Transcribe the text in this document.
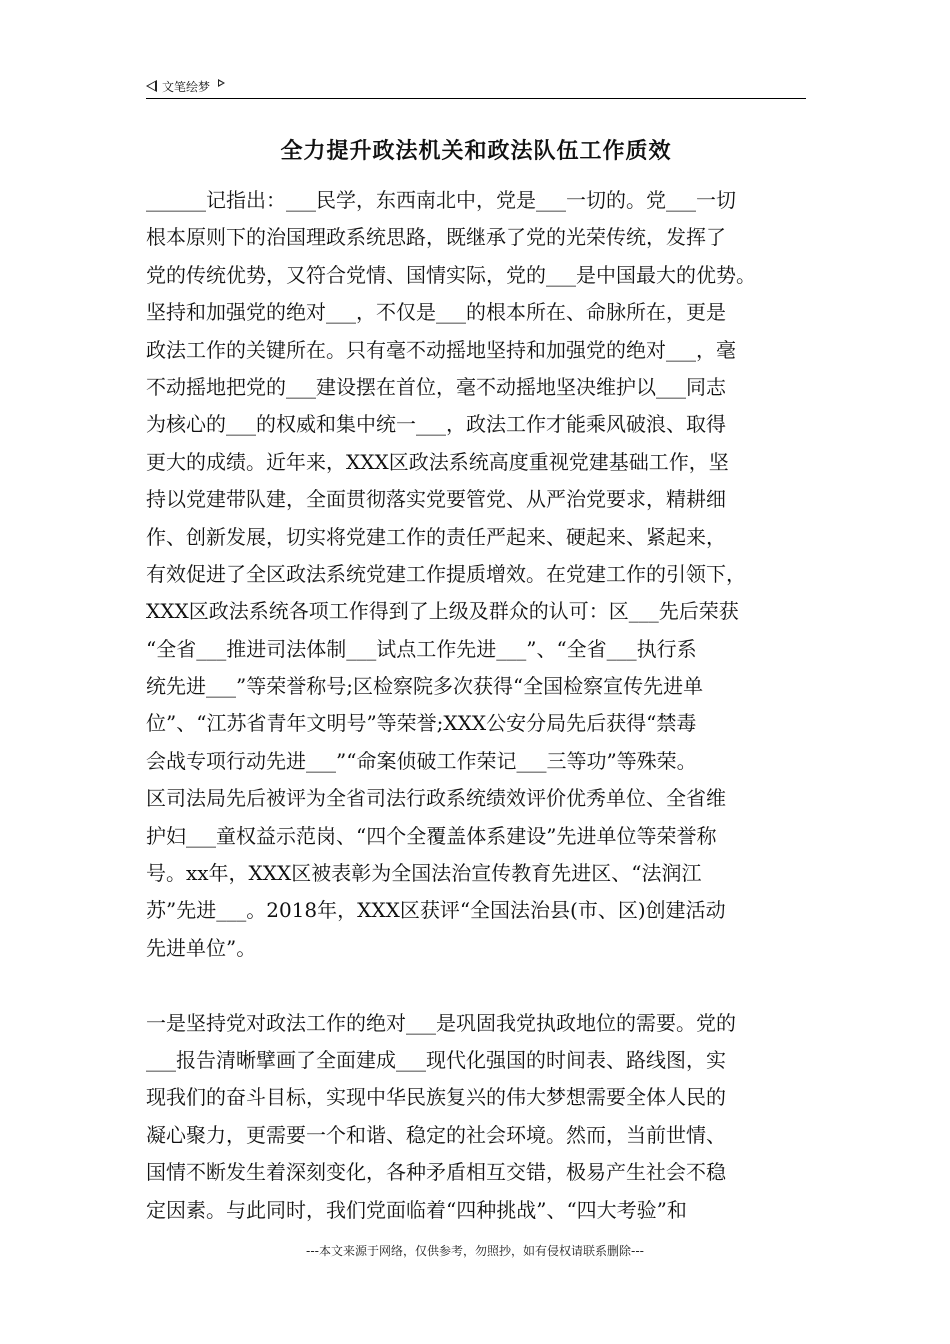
文笔绘梦
全力提升政法机关和政法队伍工作质效
______记指出：___民学，东西南北中，党是___一切的。党___一切
根本原则下的治国理政系统思路，既继承了党的光荣传统，发挥了
党的传统优势，又符合党情、国情实际，党的___是中国最大的优势。
坚持和加强党的绝对___，不仅是___的根本所在、命脉所在，更是
政法工作的关键所在。只有毫不动摇地坚持和加强党的绝对___，毫
不动摇地把党的___建设摆在首位，毫不动摇地坚决维护以___同志
为核心的___的权威和集中统一___，政法工作才能乘风破浪、取得
更大的成绩。近年来，XXX区政法系统高度重视党建基础工作，坚
持以党建带队建，全面贯彻落实党要管党、从严治党要求，精耕细
作、创新发展，切实将党建工作的责任严起来、硬起来、紧起来，
有效促进了全区政法系统党建工作提质增效。在党建工作的引领下，
XXX区政法系统各项工作得到了上级及群众的认可：区___先后荣获
“全省___推进司法体制___试点工作先进___”、“全省___执行系
统先进___”等荣誉称号;区检察院多次获得“全国检察宣传先进单
位”、“江苏省青年文明号”等荣誉;XXX公安分局先后获得“禁毒
会战专项行动先进___”“命案侦破工作荣记___三等功”等殊荣。
区司法局先后被评为全省司法行政系统绩效评价优秀单位、全省维
护妇___童权益示范岗、“四个全覆盖体系建设”先进单位等荣誉称
号。xx年，XXX区被表彰为全国法治宣传教育先进区、“法润江
苏”先进___。2018年，XXX区获评“全国法治县(市、区)创建活动
先进单位”。
一是坚持党对政法工作的绝对___是巩固我党执政地位的需要。党的
___报告清晰擘画了全面建成___现代化强国的时间表、路线图，实
现我们的奋斗目标，实现中华民族复兴的伟大梦想需要全体人民的
凝心聚力，更需要一个和谐、稳定的社会环境。然而，当前世情、
国情不断发生着深刻变化，各种矛盾相互交错，极易产生社会不稳
定因素。与此同时，我们党面临着“四种挑战”、“四大考验”和
---本文来源于网络，仅供参考，勿照抄，如有侵权请联系删除---
